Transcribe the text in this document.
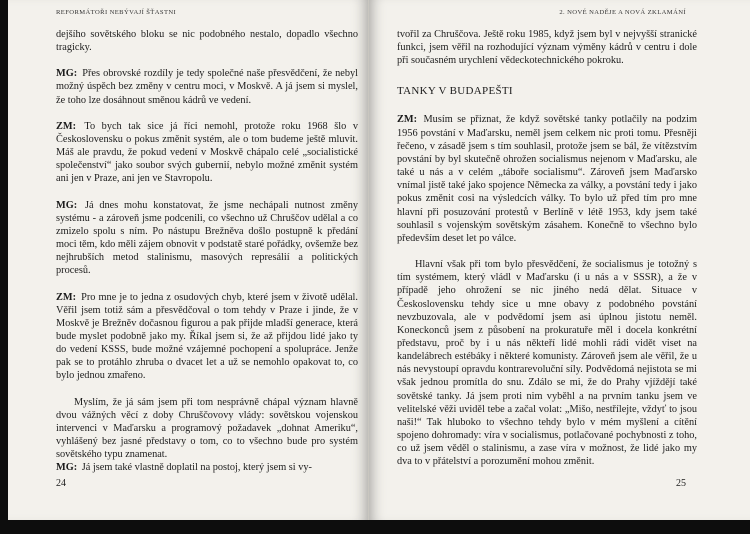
REFORMÁTOŘI NEBÝVAJÍ ŠŤASTNI

dejšího sovětského bloku se nic podobného nestalo, dopadlo všechno tragicky.

MG: Přes obrovské rozdíly je tedy společné naše přesvědčení, že nebyl možný úspěch bez změny v centru moci, v Moskvě. A já jsem si myslel, že toho lze dosáhnout směnou kádrů ve vedení.

ZM: To bych tak sice já říci nemohl, protože roku 1968 šlo v Československu o pokus změnit systém, ale o tom budeme ještě mluvit. Máš ale pravdu, že pokud vedení v Moskvě chápalo celé „socialistické společenství“ jako soubor svých gubernií, nebylo možné změnit systém ani jen v Praze, ani jen ve Stavropolu.

MG: Já dnes mohu konstatovat, že jsme nechápali nutnost změny systému - a zároveň jsme podcenili, co všechno už Chruščov udělal a co zmizelo spolu s ním. Po nástupu Brežněva došlo postupně k předání moci těm, kdo měli zájem obnovit v podstatě staré pořádky, ovšemže bez nejhrubších metod stalinismu, masových represálií a politických procesů.

ZM: Pro mne je to jedna z osudových chyb, které jsem v životě udělal. Věřil jsem totiž sám a přesvědčoval o tom tehdy v Praze i jinde, že v Moskvě je Brežněv dočasnou figurou a pak přijde mladší generace, která bude myslet podobně jako my. Říkal jsem si, že až přijdou lidé jako ty do vedení KSSS, bude možné vzájemné pochopení a spolupráce. Jenže pak se to protáhlo zhruba o dvacet let a už se nemohlo opakovat to, co bylo jednou zmařeno.

Myslím, že já sám jsem při tom nesprávně chápal význam hlavně dvou vážných věcí z doby Chruščovovy vlády: sovětskou vojenskou intervenci v Maďarsku a programový požadavek „dohnat Ameriku“, vyhlášený bez jasné představy o tom, co to všechno bude pro systém sovětského typu znamenat.

MG: Já jsem také vlastně doplatil na postoj, který jsem si vy-

24
2. NOVÉ NADĚJE A NOVÁ ZKLAMÁNÍ

tvořil za Chruščova. Ještě roku 1985, když jsem byl v nejvyšší stranické funkci, jsem věřil na rozhodující význam výměny kádrů v centru i dole při současném urychlení vědeckotechnického pokroku.

TANKY V BUDAPEŠTI

ZM: Musím se přiznat, že když sovětské tanky potlačily na podzim 1956 povstání v Maďarsku, neměl jsem celkem nic proti tomu. Přesněji řečeno, v zásadě jsem s tím souhlasil, protože jsem se bál, že vítězstvím povstání by byl skutečně ohrožen socialismus nejenom v Maďarsku, ale také u nás a v celém „táboře socialismu“. Zároveň jsem Maďarsko vnímal jistě také jako spojence Německa za války, a povstání tedy i jako pokus změnit cosi na výsledcích války. To bylo už před tím pro mne hlavní při posuzování protestů v Berlíně v létě 1953, kdy jsem také souhlasil s vojenským sovětským zásahem. Konečně to všechno bylo především deset let po válce.

Hlavní však při tom bylo přesvědčení, že socialismus je totožný s tím systémem, který vládl v Maďarsku (i u nás a v SSSR), a že v případě jeho ohrožení se nic jiného nedá dělat. Situace v Československu tehdy sice u mne obavy z podobného povstání nevzbuzovala, ale v podvědomí jsem asi úplnou jistotu neměl. Koneckonců jsem z působení na prokuratuře měl i docela konkrétní představu, proč by i u nás někteří lidé mohli rádi vidět viset na kandelábrech estébáky i některé komunisty. Zároveň jsem ale věřil, že u nás nevystoupí opravdu kontrarevoluční síly. Podvědomá nejistota se mi však jednou promítla do snu. Zdálo se mi, že do Prahy vjíždějí také sovětské tanky. Já jsem proti nim vyběhl a na prvním tanku jsem ve velitelské věži uviděl tebe a začal volat: „Mišo, nestřílejte, vždyť to jsou naši!“ Tak hluboko to všechno tehdy bylo v mém myšlení a cítění spojeno dohromady: víra v socialismus, potlačované pochybnosti z toho, co už jsem věděl o stalinismu, a zase víra v možnost, že lidé jako my dva to v přátelství a porozumění mohou změnit.

25
